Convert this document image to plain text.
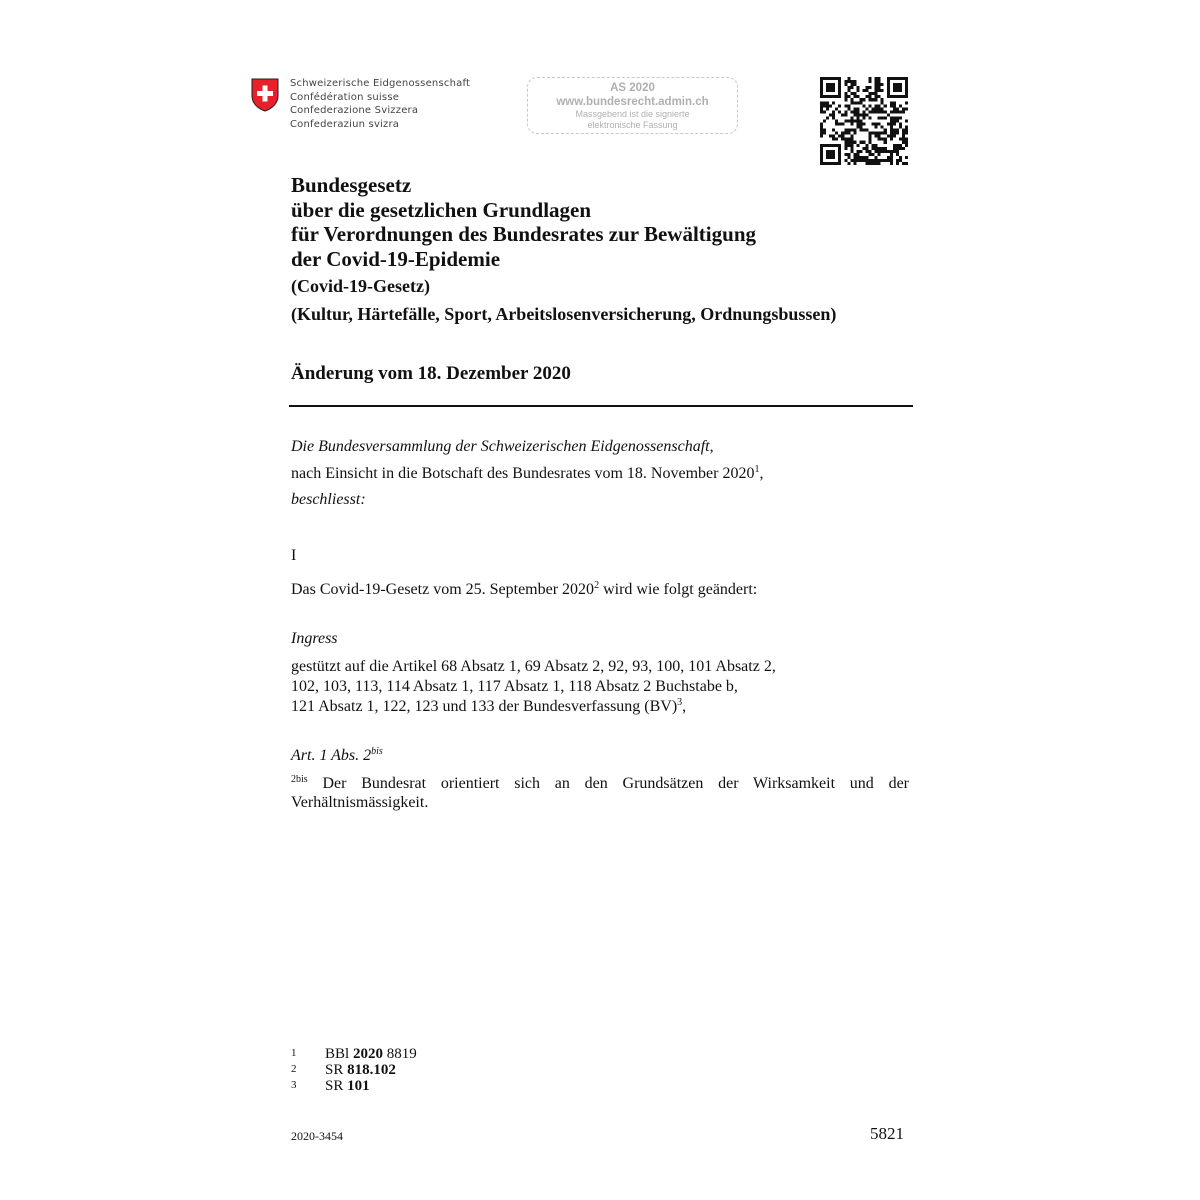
Schweizerische Eidgenossenschaft
Confédération suisse
Confederazione Svizzera
Confederaziun svizra
AS 2020
www.bundesrecht.admin.ch
Massgebend ist die signierte
elektronische Fassung
Bundesgesetz
über die gesetzlichen Grundlagen
für Verordnungen des Bundesrates zur Bewältigung
der Covid-19-Epidemie
(Covid-19-Gesetz)
(Kultur, Härtefälle, Sport, Arbeitslosenversicherung, Ordnungsbussen)
Änderung vom 18. Dezember 2020
Die Bundesversammlung der Schweizerischen Eidgenossenschaft,
nach Einsicht in die Botschaft des Bundesrates vom 18. November 2020$^1$,
beschliesst:
I
Das Covid-19-Gesetz vom 25. September 2020$^2$ wird wie folgt geändert:
Ingress
gestützt auf die Artikel 68 Absatz 1, 69 Absatz 2, 92, 93, 100, 101 Absatz 2,
102, 103, 113, 114 Absatz 1, 117 Absatz 1, 118 Absatz 2 Buchstabe b,
121 Absatz 1, 122, 123 und 133 der Bundesverfassung (BV)$^3$,
Art. 1 Abs. $2^{bis}$
$^{2bis}$ Der Bundesrat orientiert sich an den Grundsätzen der Wirksamkeit und der Verhältnismässigkeit.
1	BBl 2020 8819
2	SR 818.102
3	SR 101
2020-3454	5821
